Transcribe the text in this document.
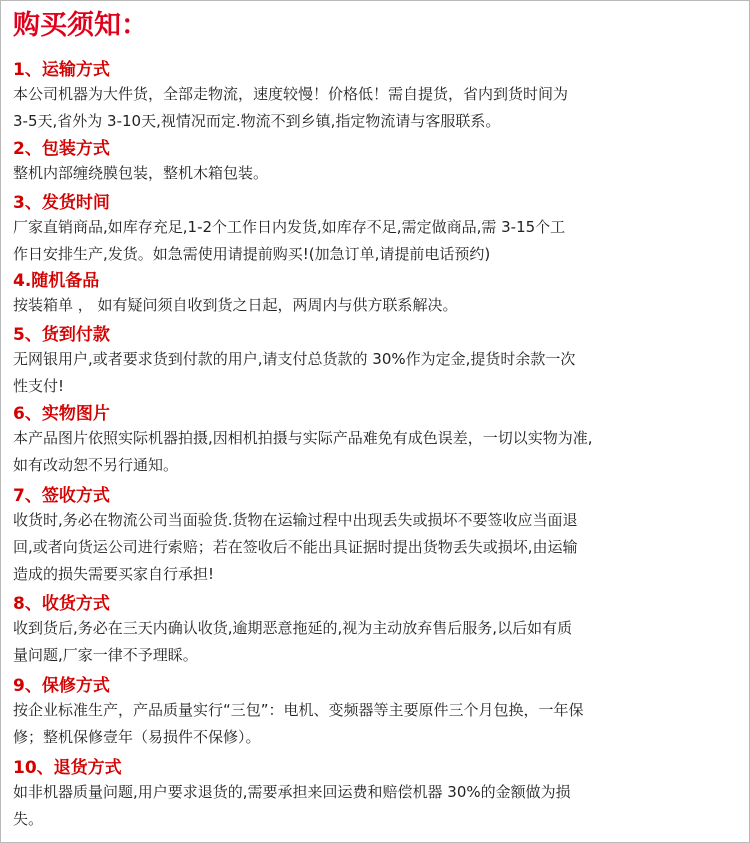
购买须知：
1、运输方式
本公司机器为大件货，全部走物流，速度较慢！价格低！需自提货，省内到货时间为
3-5天,省外为 3-10天,视情况而定.物流不到乡镇,指定物流请与客服联系。
2、包装方式
整机内部缠绕膜包装，整机木箱包装。
3、发货时间
厂家直销商品,如库存充足,1-2个工作日内发货,如库存不足,需定做商品,需 3-15个工
作日安排生产,发货。如急需使用请提前购买!(加急订单,请提前电话预约)
4.随机备品
按装箱单 ， 如有疑问须自收到货之日起，两周内与供方联系解决。
5、货到付款
无网银用户,或者要求货到付款的用户,请支付总货款的 30%作为定金,提货时余款一次
性支付!
6、实物图片
本产品图片依照实际机器拍摄,因相机拍摄与实际产品难免有成色误差，一切以实物为准,
如有改动恕不另行通知。
7、签收方式
收货时,务必在物流公司当面验货.货物在运输过程中出现丢失或损坏不要签收应当面退
回,或者向货运公司进行索赔；若在签收后不能出具证据时提出货物丢失或损坏,由运输
造成的损失需要买家自行承担!
8、收货方式
收到货后,务必在三天内确认收货,逾期恶意拖延的,视为主动放弃售后服务,以后如有质
量问题,厂家一律不予理睬。
9、保修方式
按企业标准生产，产品质量实行“三包”：电机、变频器等主要原件三个月包换，一年保
修；整机保修壹年（易损件不保修）。
10、退货方式
如非机器质量问题,用户要求退货的,需要承担来回运费和赔偿机器 30%的金额做为损
失。
